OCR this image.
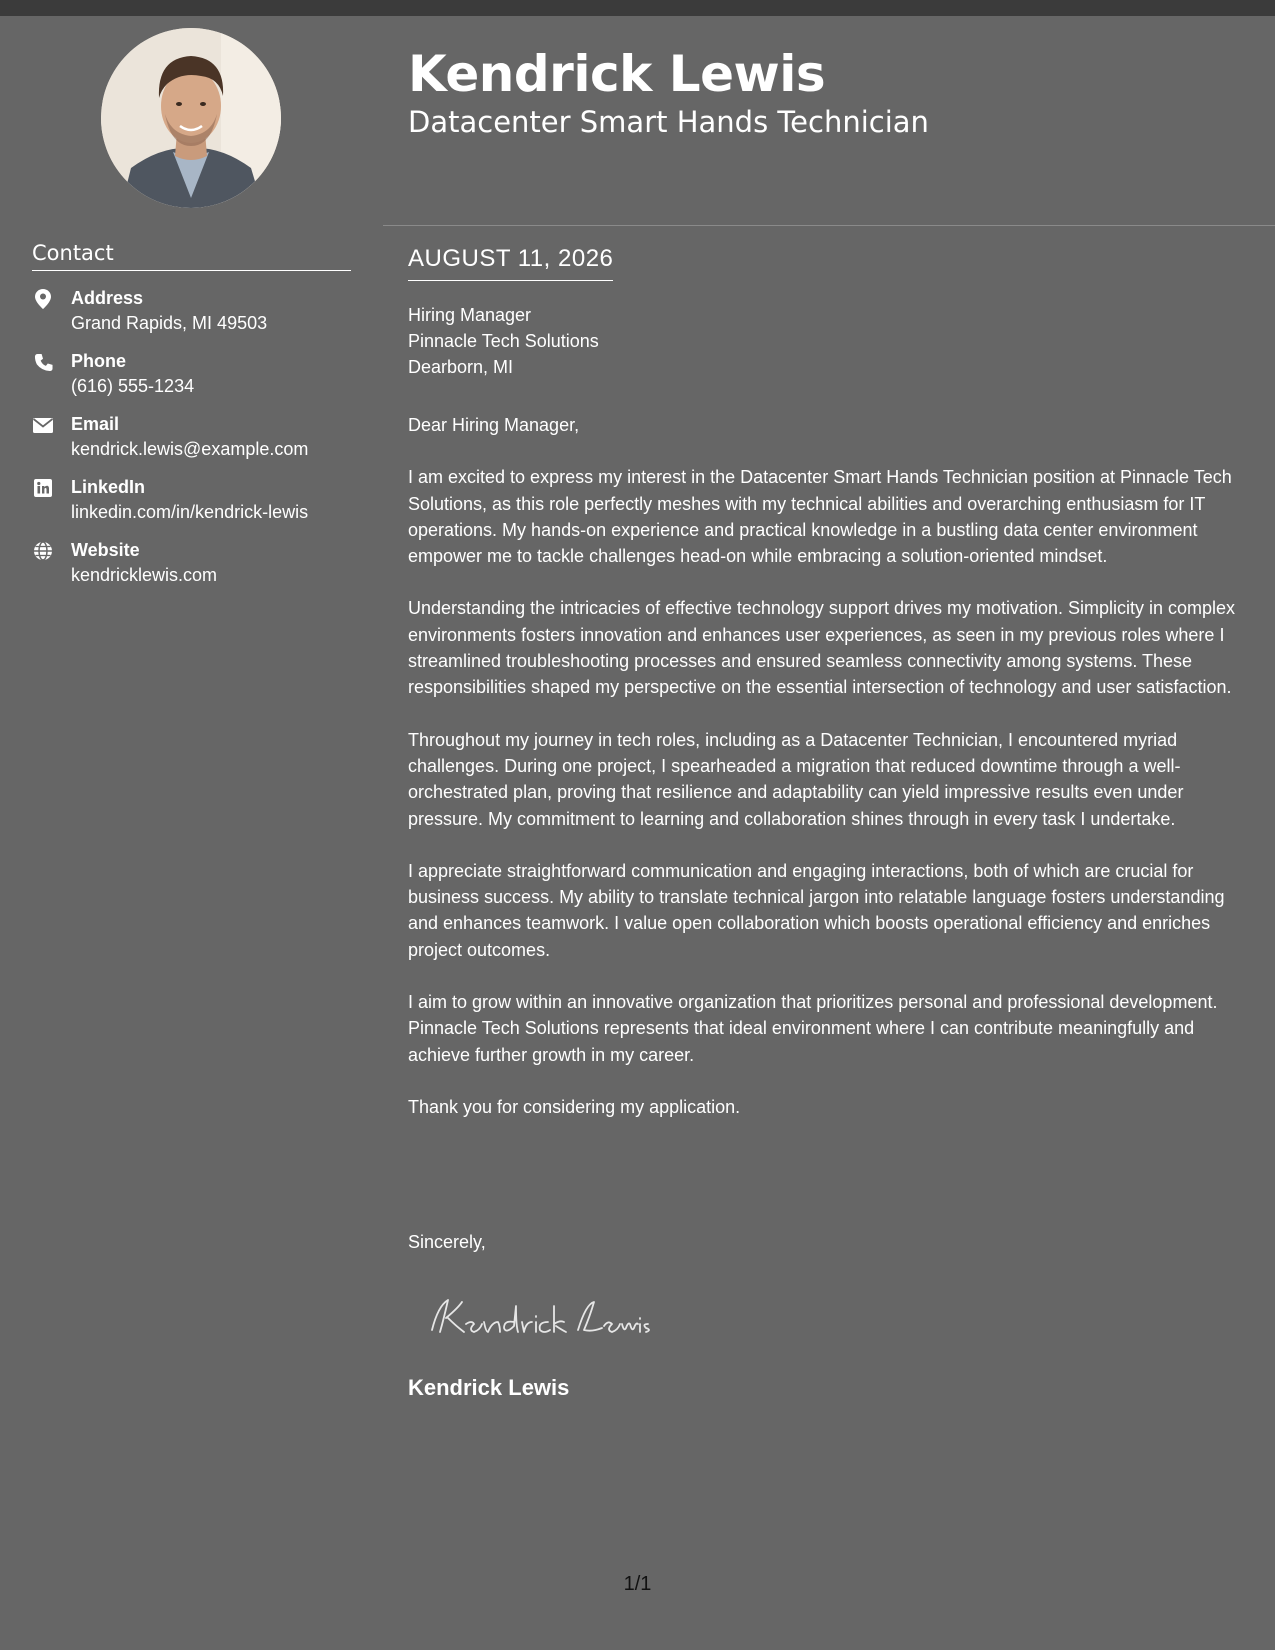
Contact
Address
Grand Rapids, MI 49503
Phone
(616) 555-1234
Email
kendrick.lewis@example.com
LinkedIn
linkedin.com/in/kendrick-lewis
Website
kendricklewis.com
Kendrick Lewis
Datacenter Smart Hands Technician
AUGUST 11, 2026
Hiring Manager
Pinnacle Tech Solutions
Dearborn, MI
Dear Hiring Manager,

I am excited to express my interest in the Datacenter Smart Hands Technician position at Pinnacle Tech Solutions, as this role perfectly meshes with my technical abilities and overarching enthusiasm for IT operations. My hands-on experience and practical knowledge in a bustling data center environment empower me to tackle challenges head-on while embracing a solution-oriented mindset.

Understanding the intricacies of effective technology support drives my motivation. Simplicity in complex environments fosters innovation and enhances user experiences, as seen in my previous roles where I streamlined troubleshooting processes and ensured seamless connectivity among systems. These responsibilities shaped my perspective on the essential intersection of technology and user satisfaction.

Throughout my journey in tech roles, including as a Datacenter Technician, I encountered myriad challenges. During one project, I spearheaded a migration that reduced downtime through a well-orchestrated plan, proving that resilience and adaptability can yield impressive results even under pressure. My commitment to learning and collaboration shines through in every task I undertake.

I appreciate straightforward communication and engaging interactions, both of which are crucial for business success. My ability to translate technical jargon into relatable language fosters understanding and enhances teamwork. I value open collaboration which boosts operational efficiency and enriches project outcomes.

I aim to grow within an innovative organization that prioritizes personal and professional development. Pinnacle Tech Solutions represents that ideal environment where I can contribute meaningfully and achieve further growth in my career.

Thank you for considering my application.

Sincerely,
Kendrick Lewis
1/1
